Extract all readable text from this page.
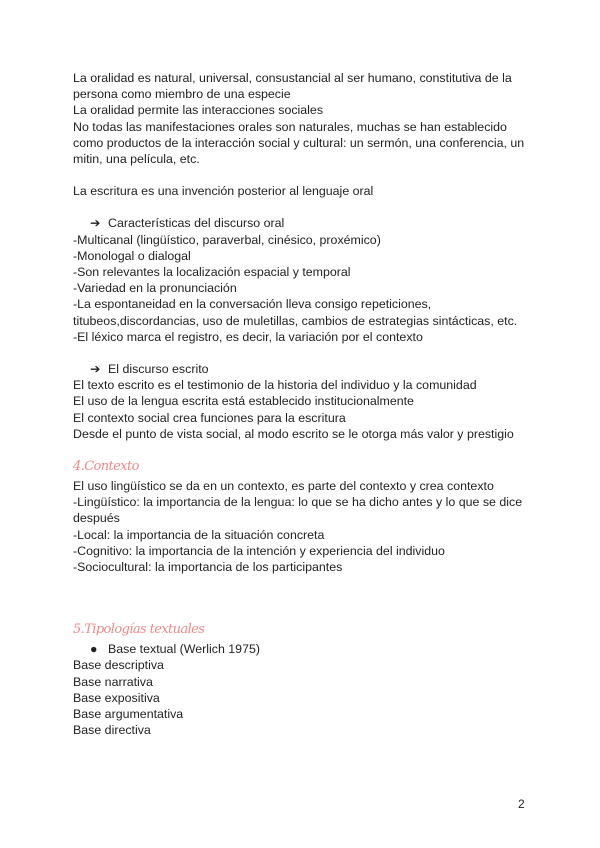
La oralidad es natural, universal, consustancial al ser humano, constitutiva de la
persona como miembro de una especie
La oralidad permite las interacciones sociales
No todas las manifestaciones orales son naturales, muchas se han establecido
como productos de la interacción social y cultural: un sermón, una conferencia, un
mitin, una película, etc.
La escritura es una invención posterior al lenguaje oral
➔ Características del discurso oral
-Multicanal (lingüístico, paraverbal, cinésico, proxémico)
-Monologal o dialogal
-Son relevantes la localización espacial y temporal
-Variedad en la pronunciación
-La espontaneidad en la conversación lleva consigo repeticiones,
titubeos,discordancias, uso de muletillas, cambios de estrategias sintácticas, etc.
-El léxico marca el registro, es decir, la variación por el contexto
➔ El discurso escrito
El texto escrito es el testimonio de la historia del individuo y la comunidad
El uso de la lengua escrita está establecido institucionalmente
El contexto social crea funciones para la escritura
Desde el punto de vista social, al modo escrito se le otorga más valor y prestigio
4.Contexto
El uso lingüístico se da en un contexto, es parte del contexto y crea contexto
-Lingüístico: la importancia de la lengua: lo que se ha dicho antes y lo que se dice
después
-Local: la importancia de la situación concreta
-Cognitivo: la importancia de la intención y experiencia del individuo
-Sociocultural: la importancia de los participantes
5.Tipologías textuales
● Base textual (Werlich 1975)
Base descriptiva
Base narrativa
Base expositiva
Base argumentativa
Base directiva
2
